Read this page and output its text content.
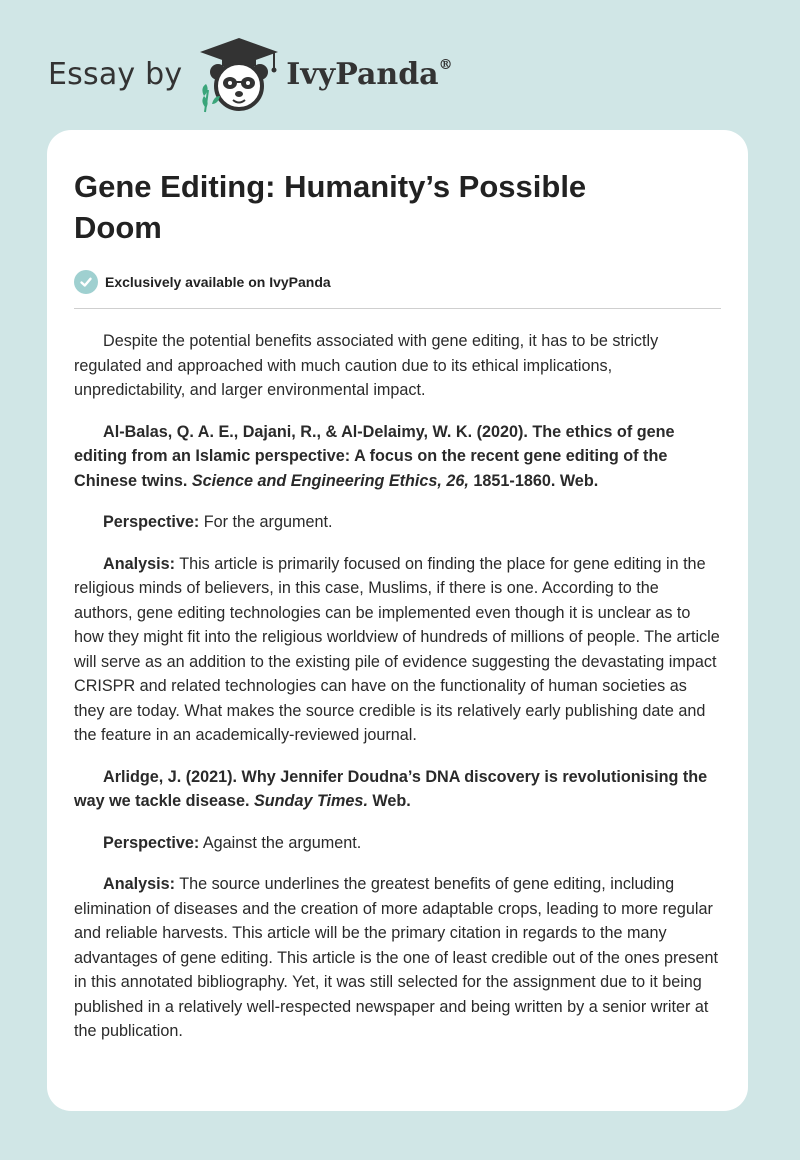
Essay by	IvyPanda®
Gene Editing: Humanity’s Possible Doom
Exclusively available on IvyPanda

Despite the potential benefits associated with gene editing, it has to be strictly regulated and approached with much caution due to its ethical implications, unpredictability, and larger environmental impact.

Al-Balas, Q. A. E., Dajani, R., & Al-Delaimy, W. K. (2020). The ethics of gene editing from an Islamic perspective: A focus on the recent gene editing of the Chinese twins. Science and Engineering Ethics, 26, 1851-1860. Web.

Perspective: For the argument.

Analysis: This article is primarily focused on finding the place for gene editing in the religious minds of believers, in this case, Muslims, if there is one. According to the authors, gene editing technologies can be implemented even though it is unclear as to how they might fit into the religious worldview of hundreds of millions of people. The article will serve as an addition to the existing pile of evidence suggesting the devastating impact CRISPR and related technologies can have on the functionality of human societies as they are today. What makes the source credible is its relatively early publishing date and the feature in an academically-reviewed journal.

Arlidge, J. (2021). Why Jennifer Doudna’s DNA discovery is revolutionising the way we tackle disease. Sunday Times. Web.

Perspective: Against the argument.

Analysis: The source underlines the greatest benefits of gene editing, including elimination of diseases and the creation of more adaptable crops, leading to more regular and reliable harvests. This article will be the primary citation in regards to the many advantages of gene editing. This article is the one of least credible out of the ones present in this annotated bibliography. Yet, it was still selected for the assignment due to it being published in a relatively well-respected newspaper and being written by a senior writer at the publication.
